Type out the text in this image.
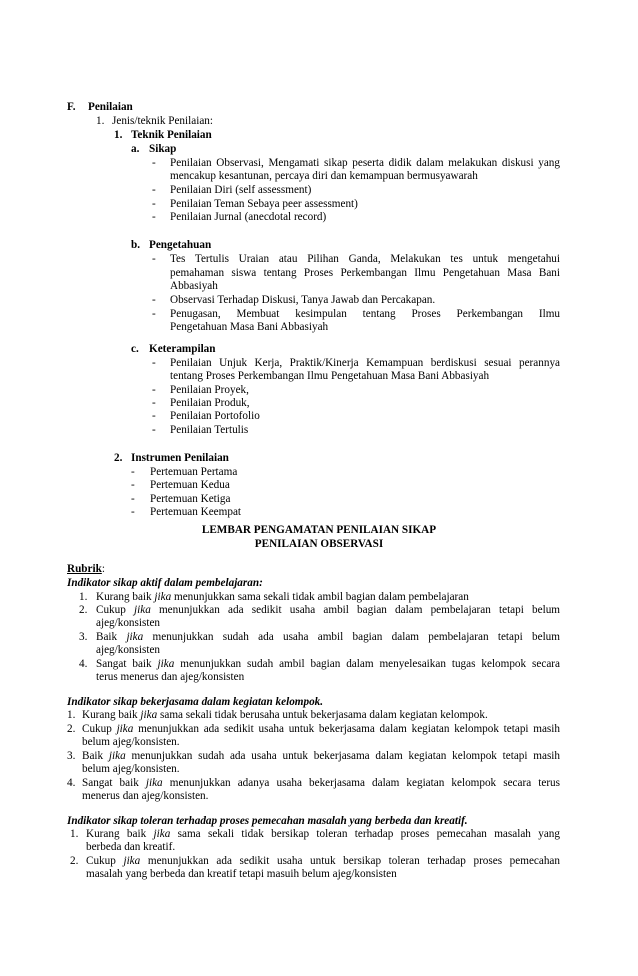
F. Penilaian
1. Jenis/teknik Penilaian:
1. Teknik Penilaian
a. Sikap
- Penilaian Observasi, Mengamati sikap peserta didik dalam melakukan diskusi yang
mencakup kesantunan, percaya diri dan kemampuan bermusyawarah
- Penilaian Diri (self assessment)
- Penilaian Teman Sebaya peer assessment)
- Penilaian Jurnal (anecdotal record)
b. Pengetahuan
- Tes Tertulis Uraian atau Pilihan Ganda, Melakukan tes untuk mengetahui
pemahaman siswa tentang Proses Perkembangan Ilmu Pengetahuan Masa Bani
Abbasiyah
- Observasi Terhadap Diskusi, Tanya Jawab dan Percakapan.
- Penugasan, Membuat kesimpulan tentang Proses Perkembangan Ilmu
Pengetahuan Masa Bani Abbasiyah
c. Keterampilan
- Penilaian Unjuk Kerja, Praktik/Kinerja Kemampuan berdiskusi sesuai perannya
tentang Proses Perkembangan Ilmu Pengetahuan Masa Bani Abbasiyah
- Penilaian Proyek,
- Penilaian Produk,
- Penilaian Portofolio
- Penilaian Tertulis
2. Instrumen Penilaian
- Pertemuan Pertama
- Pertemuan Kedua
- Pertemuan Ketiga
- Pertemuan Keempat
LEMBAR PENGAMATAN PENILAIAN SIKAP
PENILAIAN OBSERVASI
Rubrik:
Indikator sikap aktif dalam pembelajaran:
1. Kurang baik jika menunjukkan sama sekali tidak ambil bagian dalam pembelajaran
2. Cukup jika menunjukkan ada sedikit usaha ambil bagian dalam pembelajaran tetapi belum
ajeg/konsisten
3. Baik jika menunjukkan sudah ada usaha ambil bagian dalam pembelajaran tetapi belum
ajeg/konsisten
4. Sangat baik jika menunjukkan sudah ambil bagian dalam menyelesaikan tugas kelompok secara
terus menerus dan ajeg/konsisten
Indikator sikap bekerjasama dalam kegiatan kelompok.
1. Kurang baik jika sama sekali tidak berusaha untuk bekerjasama dalam kegiatan kelompok.
2. Cukup jika menunjukkan ada sedikit usaha untuk bekerjasama dalam kegiatan kelompok tetapi masih
belum ajeg/konsisten.
3. Baik jika menunjukkan sudah ada usaha untuk bekerjasama dalam kegiatan kelompok tetapi masih
belum ajeg/konsisten.
4. Sangat baik jika menunjukkan adanya usaha bekerjasama dalam kegiatan kelompok secara terus
menerus dan ajeg/konsisten.
Indikator sikap toleran terhadap proses pemecahan masalah yang berbeda dan kreatif.
1. Kurang baik jika sama sekali tidak bersikap toleran terhadap proses pemecahan masalah yang
berbeda dan kreatif.
2. Cukup jika menunjukkan ada sedikit usaha untuk bersikap toleran terhadap proses pemecahan
masalah yang berbeda dan kreatif tetapi masuih belum ajeg/konsisten
